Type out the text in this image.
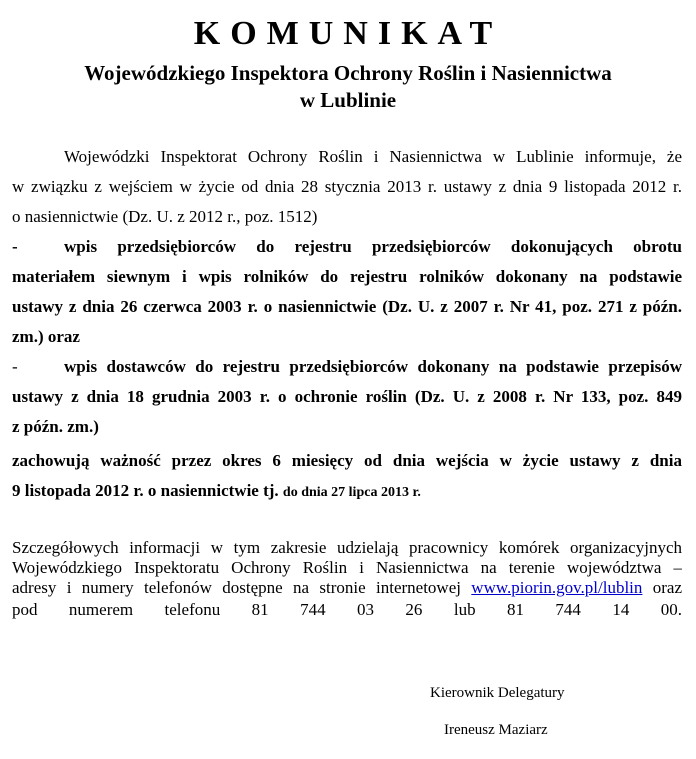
KOMUNIKAT
Wojewódzkiego Inspektora Ochrony Roślin i Nasiennictwa
w Lublinie
Wojewódzki Inspektorat Ochrony Roślin i Nasiennictwa w Lublinie informuje, że
w związku z wejściem w życie od dnia 28 stycznia 2013 r. ustawy z dnia 9 listopada 2012 r.
o nasiennictwie (Dz. U. z 2012 r., poz. 1512)
-	wpis przedsiębiorców do rejestru przedsiębiorców dokonujących obrotu
materiałem siewnym i wpis rolników do rejestru rolników dokonany na podstawie
ustawy z dnia 26 czerwca 2003 r. o nasiennictwie (Dz. U. z 2007 r. Nr 41, poz. 271 z późn.
zm.) oraz
-	wpis dostawców do rejestru przedsiębiorców dokonany na podstawie przepisów
ustawy z dnia 18 grudnia 2003 r. o ochronie roślin (Dz. U. z 2008 r. Nr 133, poz. 849
z późn. zm.)
zachowują ważność przez okres 6 miesięcy od dnia wejścia w życie ustawy z dnia
9 listopada 2012 r. o nasiennictwie tj. do dnia 27 lipca 2013 r.
Szczegółowych informacji w tym zakresie udzielają pracownicy komórek organizacyjnych
Wojewódzkiego Inspektoratu Ochrony Roślin i Nasiennictwa na terenie województwa –
adresy i numery telefonów dostępne na stronie internetowej www.piorin.gov.pl/lublin oraz
pod numerem telefonu 81 744 03 26 lub 81 744 14 00.
Kierownik Delegatury
Ireneusz Maziarz
